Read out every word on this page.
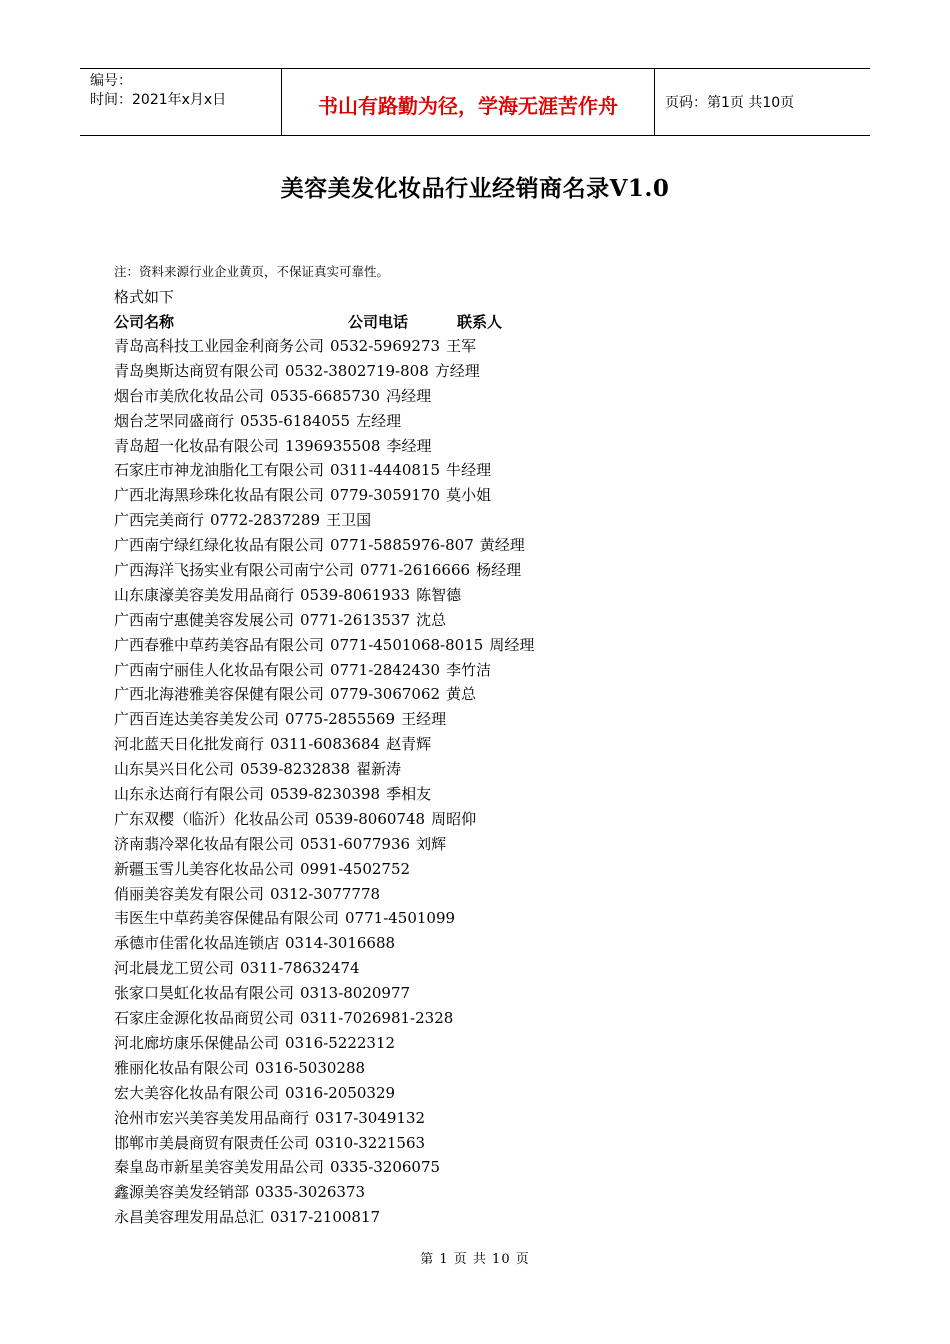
编号：
时间：2021年x月x日	书山有路勤为径，学海无涯苦作舟	页码：第1页 共10页
美容美发化妆品行业经销商名录V1.0
注：资料来源行业企业黄页，不保证真实可靠性。
格式如下
公司名称	公司电话	联系人
青岛高科技工业园金利商务公司 0532-5969273 王军
青岛奥斯达商贸有限公司 0532-3802719-808 方经理
烟台市美欣化妆品公司 0535-6685730 冯经理
烟台芝罘同盛商行 0535-6184055 左经理
青岛超一化妆品有限公司 1396935508 李经理
石家庄市神龙油脂化工有限公司 0311-4440815 牛经理
广西北海黑珍珠化妆品有限公司 0779-3059170 莫小姐
广西完美商行 0772-2837289 王卫国
广西南宁绿红绿化妆品有限公司 0771-5885976-807 黄经理
广西海洋飞扬实业有限公司南宁公司 0771-2616666 杨经理
山东康濠美容美发用品商行 0539-8061933 陈智德
广西南宁惠健美容发展公司 0771-2613537 沈总
广西春雅中草药美容品有限公司 0771-4501068-8015 周经理
广西南宁丽佳人化妆品有限公司 0771-2842430 李竹洁
广西北海港雅美容保健有限公司 0779-3067062 黄总
广西百连达美容美发公司 0775-2855569 王经理
河北蓝天日化批发商行 0311-6083684 赵青辉
山东昊兴日化公司 0539-8232838 翟新涛
山东永达商行有限公司 0539-8230398 季相友
广东双樱（临沂）化妆品公司 0539-8060748 周昭仰
济南翡冷翠化妆品有限公司 0531-6077936 刘辉
新疆玉雪儿美容化妆品公司 0991-4502752
俏丽美容美发有限公司 0312-3077778
韦医生中草药美容保健品有限公司 0771-4501099
承德市佳雷化妆品连锁店 0314-3016688
河北晨龙工贸公司 0311-78632474
张家口昊虹化妆品有限公司 0313-8020977
石家庄金源化妆品商贸公司 0311-7026981-2328
河北廊坊康乐保健品公司 0316-5222312
雅丽化妆品有限公司 0316-5030288
宏大美容化妆品有限公司 0316-2050329
沧州市宏兴美容美发用品商行 0317-3049132
邯郸市美晨商贸有限责任公司 0310-3221563
秦皇岛市新星美容美发用品公司 0335-3206075
鑫源美容美发经销部 0335-3026373
永昌美容理发用品总汇 0317-2100817
第 1 页 共 10 页
